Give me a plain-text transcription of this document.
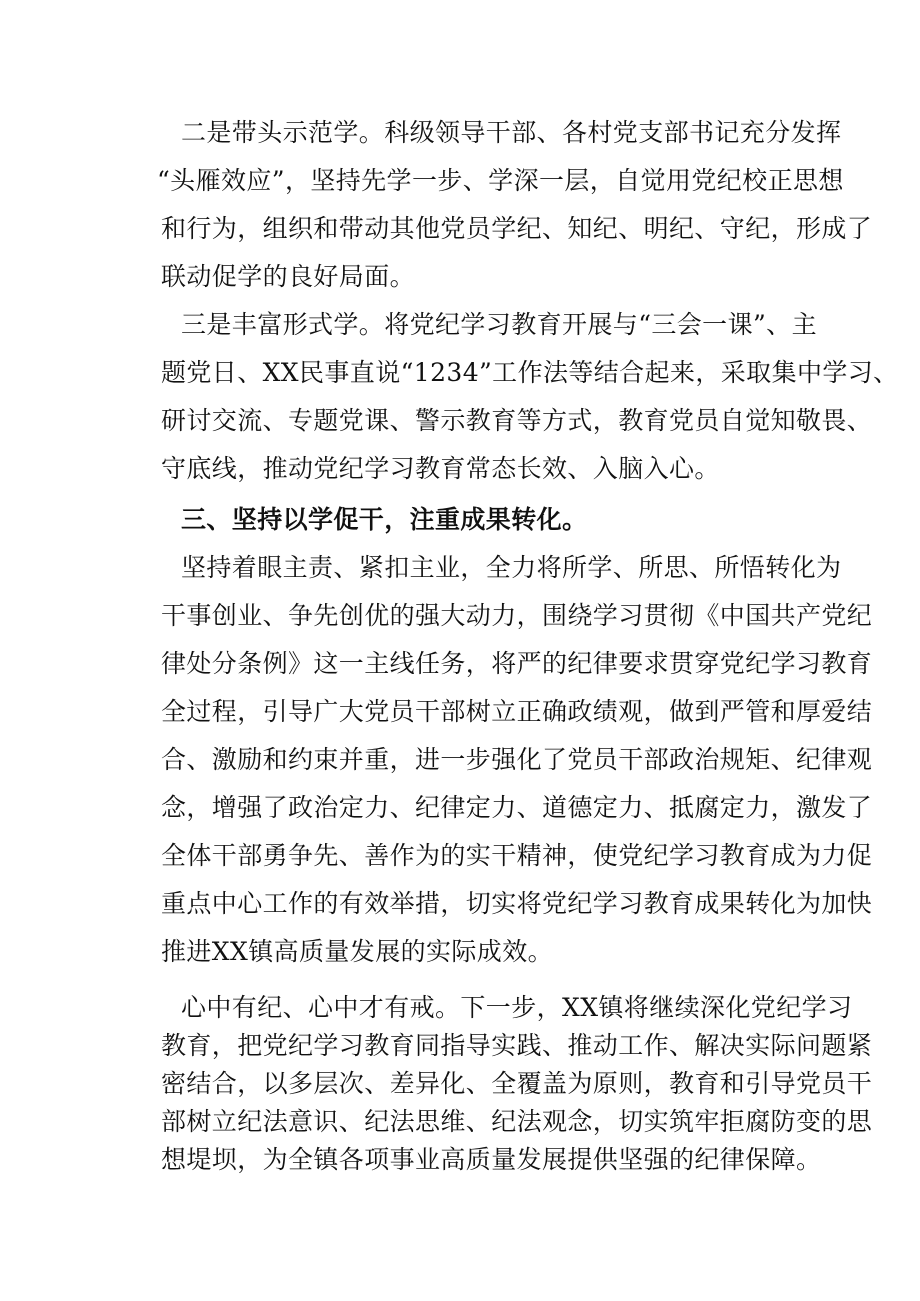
二是带头示范学。科级领导干部、各村党支部书记充分发挥
“头雁效应”，坚持先学一步、学深一层，自觉用党纪校正思想
和行为，组织和带动其他党员学纪、知纪、明纪、守纪，形成了
联动促学的良好局面。
三是丰富形式学。将党纪学习教育开展与“三会一课”、主
题党日、XX民事直说“1234”工作法等结合起来，采取集中学习、
研讨交流、专题党课、警示教育等方式，教育党员自觉知敬畏、
守底线，推动党纪学习教育常态长效、入脑入心。
三、坚持以学促干，注重成果转化。
坚持着眼主责、紧扣主业，全力将所学、所思、所悟转化为
干事创业、争先创优的强大动力，围绕学习贯彻《中国共产党纪
律处分条例》这一主线任务，将严的纪律要求贯穿党纪学习教育
全过程，引导广大党员干部树立正确政绩观，做到严管和厚爱结
合、激励和约束并重，进一步强化了党员干部政治规矩、纪律观
念，增强了政治定力、纪律定力、道德定力、抵腐定力，激发了
全体干部勇争先、善作为的实干精神，使党纪学习教育成为力促
重点中心工作的有效举措，切实将党纪学习教育成果转化为加快
推进XX镇高质量发展的实际成效。
心中有纪、心中才有戒。下一步，XX镇将继续深化党纪学习
教育，把党纪学习教育同指导实践、推动工作、解决实际问题紧
密结合，以多层次、差异化、全覆盖为原则，教育和引导党员干
部树立纪法意识、纪法思维、纪法观念，切实筑牢拒腐防变的思
想堤坝，为全镇各项事业高质量发展提供坚强的纪律保障。
